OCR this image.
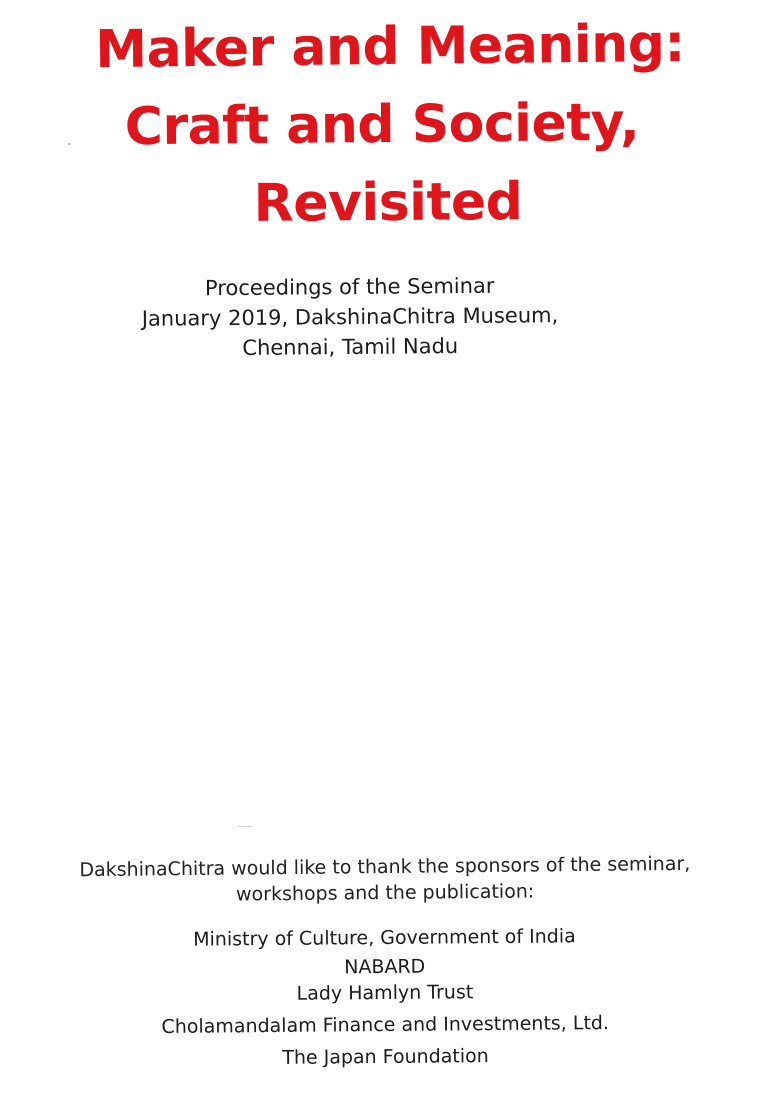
Maker and Meaning:
Craft and Society,
Revisited
Proceedings of the Seminar
January 2019, DakshinaChitra Museum,
Chennai, Tamil Nadu
DakshinaChitra would like to thank the sponsors of the seminar,
workshops and the publication:
Ministry of Culture, Government of India
NABARD
Lady Hamlyn Trust
Cholamandalam Finance and Investments, Ltd.
The Japan Foundation
